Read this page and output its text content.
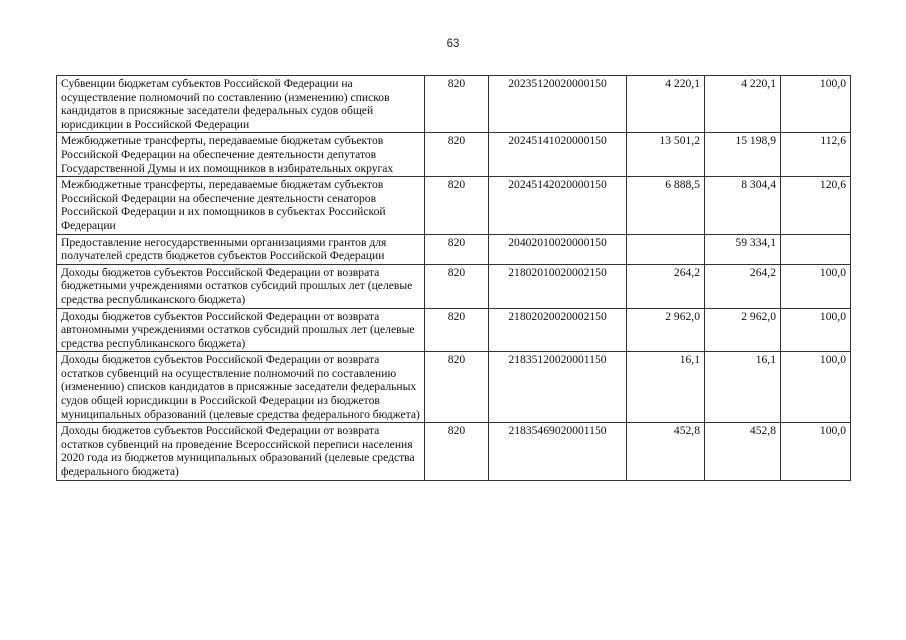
63
Субвенции бюджетам субъектов Российской Федерации на осуществление полномочий по составлению (изменению) списков кандидатов в присяжные заседатели федеральных судов общей юрисдикции в Российской Федерации	820	20235120020000150	4 220,1	4 220,1	100,0
Межбюджетные трансферты, передаваемые бюджетам субъектов Российской Федерации на обеспечение деятельности депутатов Государственной Думы и их помощников в избирательных округах	820	20245141020000150	13 501,2	15 198,9	112,6
Межбюджетные трансферты, передаваемые бюджетам субъектов Российской Федерации на обеспечение деятельности сенаторов Российской Федерации и их помощников в субъектах Российской Федерации	820	20245142020000150	6 888,5	8 304,4	120,6
Предоставление негосударственными организациями грантов для получателей средств бюджетов субъектов Российской Федерации	820	20402010020000150		59 334,1	
Доходы бюджетов субъектов Российской Федерации от возврата бюджетными учреждениями остатков субсидий прошлых лет (целевые средства республиканского бюджета)	820	21802010020002150	264,2	264,2	100,0
Доходы бюджетов субъектов Российской Федерации от возврата автономными учреждениями остатков субсидий прошлых лет (целевые средства республиканского бюджета)	820	21802020020002150	2 962,0	2 962,0	100,0
Доходы бюджетов субъектов Российской Федерации от возврата остатков субвенций на осуществление полномочий по составлению (изменению) списков кандидатов в присяжные заседатели федеральных судов общей юрисдикции в Российской Федерации из бюджетов муниципальных образований (целевые средства федерального бюджета)	820	21835120020001150	16,1	16,1	100,0
Доходы бюджетов субъектов Российской Федерации от возврата остатков субвенций на проведение Всероссийской переписи населения 2020 года из бюджетов муниципальных образований (целевые средства федерального бюджета)	820	21835469020001150	452,8	452,8	100,0
